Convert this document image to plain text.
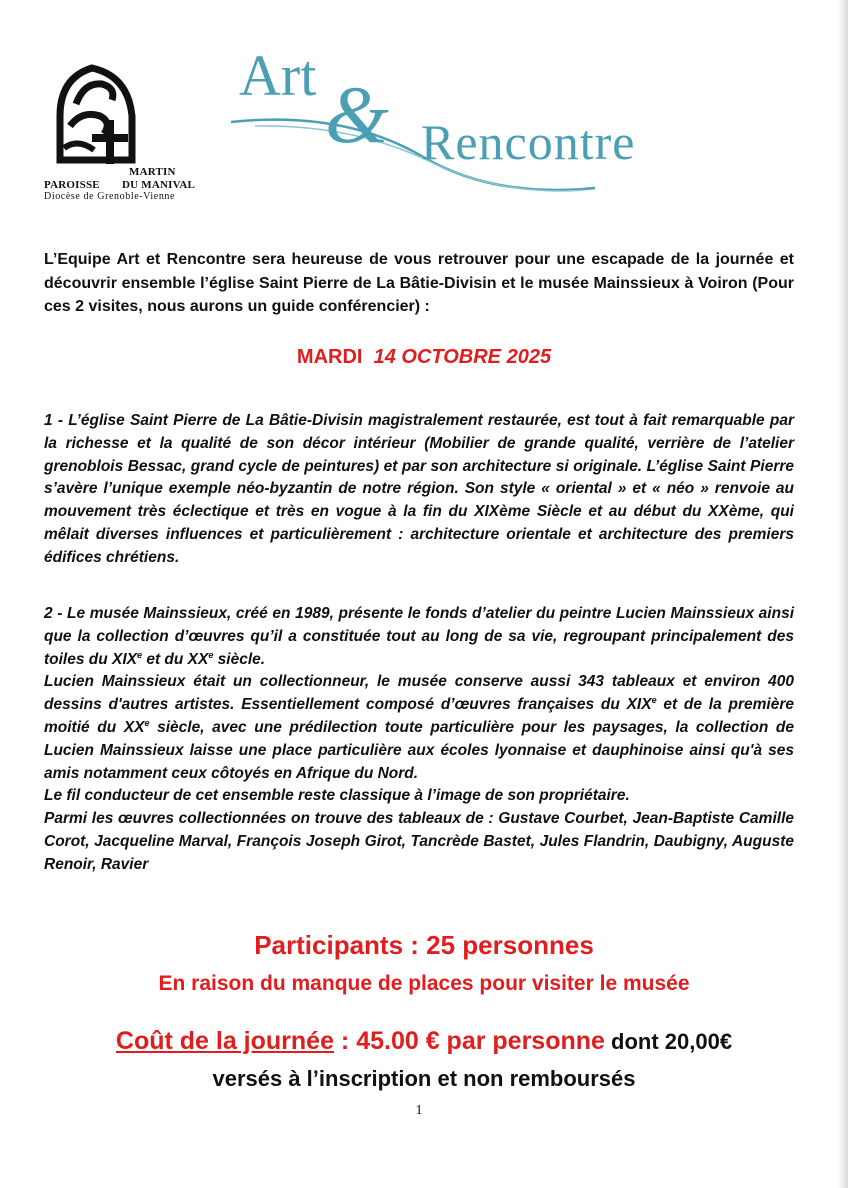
MARTIN
PAROISSE DU MANIVAL
Diocèse de Grenoble-Vienne
Art & Rencontre
L’Equipe Art et Rencontre sera heureuse de vous retrouver pour une escapade de la journée et découvrir ensemble l’église Saint Pierre de La Bâtie-Divisin et le musée Mainssieux à Voiron (Pour ces 2 visites, nous aurons un guide conférencier) :
MARDI 14 OCTOBRE 2025
1 - L’église Saint Pierre de La Bâtie-Divisin magistralement restaurée, est tout à fait remarquable par la richesse et la qualité de son décor intérieur (Mobilier de grande qualité, verrière de l’atelier grenoblois Bessac, grand cycle de peintures) et par son architecture si originale. L’église Saint Pierre s’avère l’unique exemple néo-byzantin de notre région. Son style « oriental » et « néo » renvoie au mouvement très éclectique et très en vogue à la fin du XIXème Siècle et au début du XXème, qui mêlait diverses influences et particulièrement : architecture orientale et architecture des premiers édifices chrétiens.
2 - Le musée Mainssieux, créé en 1989, présente le fonds d’atelier du peintre Lucien Mainssieux ainsi que la collection d’œuvres qu’il a constituée tout au long de sa vie, regroupant principalement des toiles du XIXe et du XXe siècle.
Lucien Mainssieux était un collectionneur, le musée conserve aussi 343 tableaux et environ 400 dessins d'autres artistes. Essentiellement composé d’œuvres françaises du XIXe et de la première moitié du XXe siècle, avec une prédilection toute particulière pour les paysages, la collection de Lucien Mainssieux laisse une place particulière aux écoles lyonnaise et dauphinoise ainsi qu'à ses amis notamment ceux côtoyés en Afrique du Nord.
Le fil conducteur de cet ensemble reste classique à l’image de son propriétaire.
Parmi les œuvres collectionnées on trouve des tableaux de : Gustave Courbet, Jean-Baptiste Camille Corot, Jacqueline Marval, François Joseph Girot, Tancrède Bastet, Jules Flandrin, Daubigny, Auguste Renoir, Ravier
Participants : 25 personnes
En raison du manque de places pour visiter le musée
Coût de la journée : 45.00 € par personne dont 20,00€
versés à l’inscription et non remboursés
1
